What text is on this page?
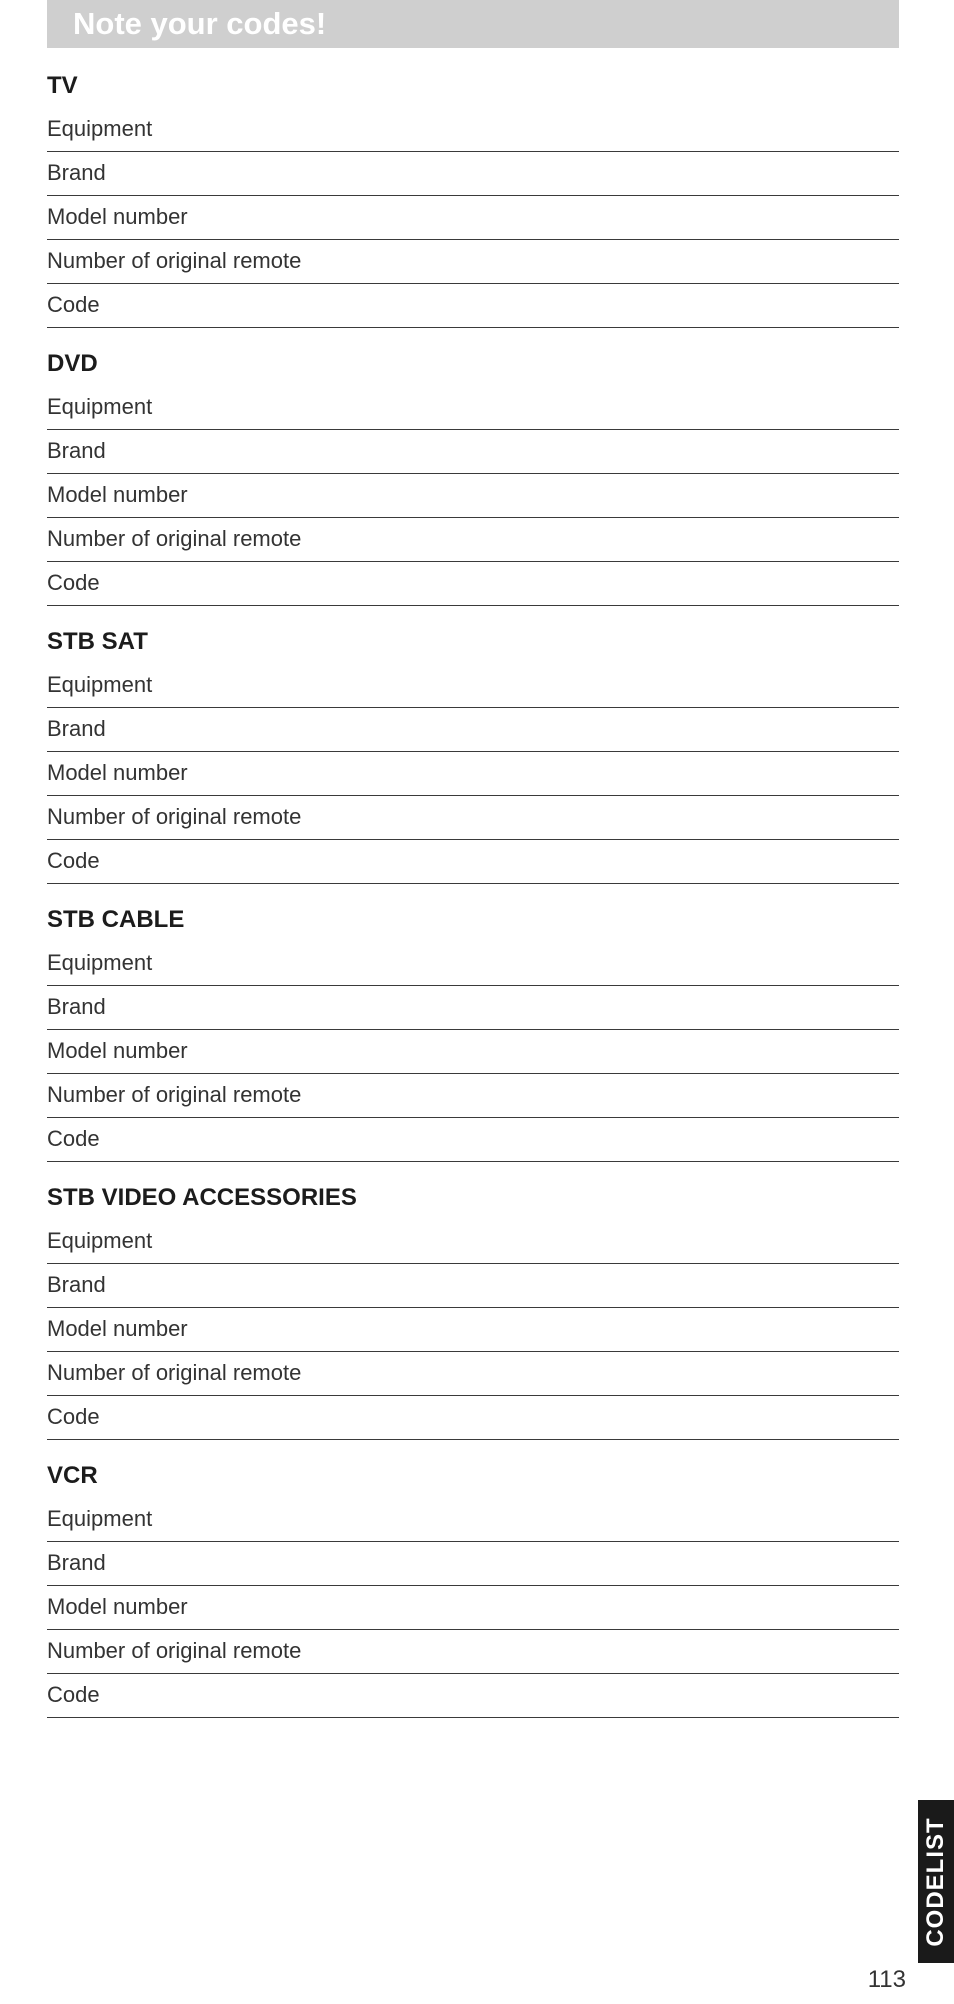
Note your codes!
TV
Equipment
Brand
Model number
Number of original remote
Code
DVD
Equipment
Brand
Model number
Number of original remote
Code
STB SAT
Equipment
Brand
Model number
Number of original remote
Code
STB CABLE
Equipment
Brand
Model number
Number of original remote
Code
STB VIDEO ACCESSORIES
Equipment
Brand
Model number
Number of original remote
Code
VCR
Equipment
Brand
Model number
Number of original remote
Code
CODELIST
113
